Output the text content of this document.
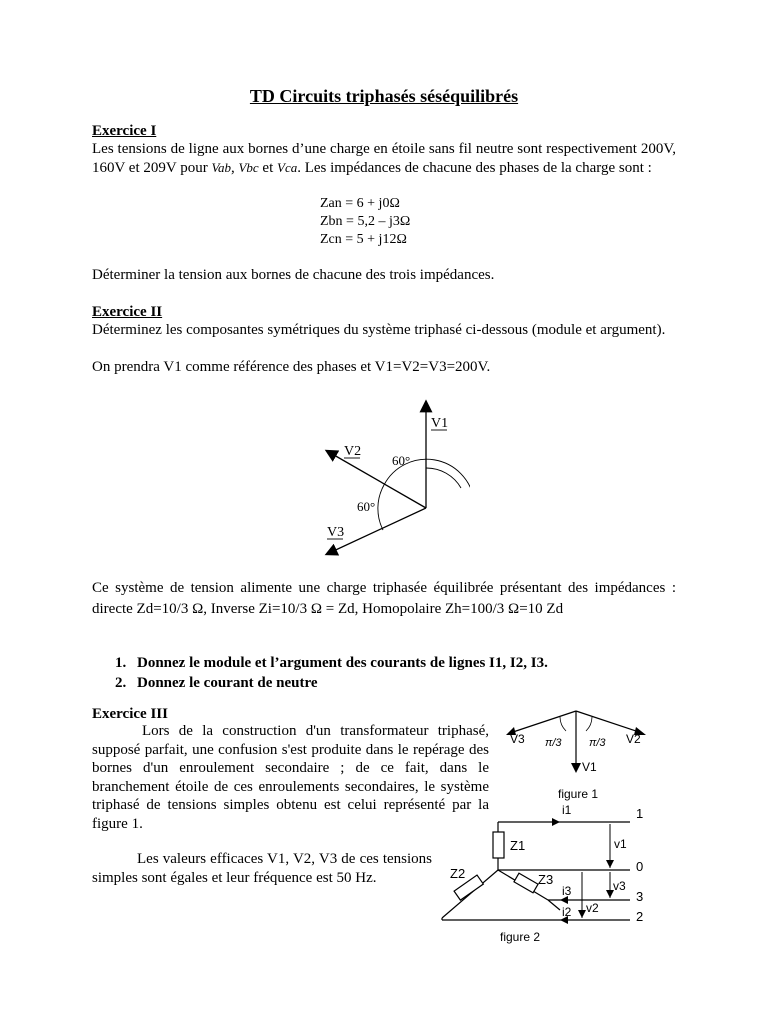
TD Circuits triphasés séséquilibrés
Exercice I
Les tensions de ligne aux bornes d’une charge en étoile sans fil neutre sont respectivement 200V, 160V et 209V pour Vab, Vbc et Vca. Les impédances de chacune des phases de la charge sont :
Zan = 6 + j0Ω
Zbn = 5,2 – j3Ω
Zcn = 5 + j12Ω
Déterminer la tension aux bornes de chacune des trois impédances.
Exercice II
Déterminez les composantes symétriques du système triphasé ci-dessous (module et argument).
On prendra V1 comme référence des phases et V1=V2=V3=200V.
V1
V2
V3
60°
60°
Ce système de tension alimente une charge triphasée équilibrée présentant des impédances : directe Zd=10/3 Ω, Inverse Zi=10/3 Ω = Zd, Homopolaire Zh=100/3 Ω=10 Zd
1. Donnez le module et l’argument des courants de lignes I1, I2, I3.
2. Donnez le courant de neutre
Exercice III
Lors de la construction d'un transformateur triphasé, supposé parfait, une confusion s'est produite dans le repérage des bornes d'un enroulement secondaire ; de ce fait, dans le branchement étoile de ces enroulements secondaires, le système triphasé de tensions simples obtenu est celui représenté par la figure 1.
Les valeurs efficaces V1, V2, V3 de ces tensions simples sont égales et leur fréquence est 50 Hz.
V3	V2
V1
π/3 π/3
figure 1
Z1
Z2	Z3
i1
i3
i2
v1
v3
v2
1
0
3
2
figure 2
